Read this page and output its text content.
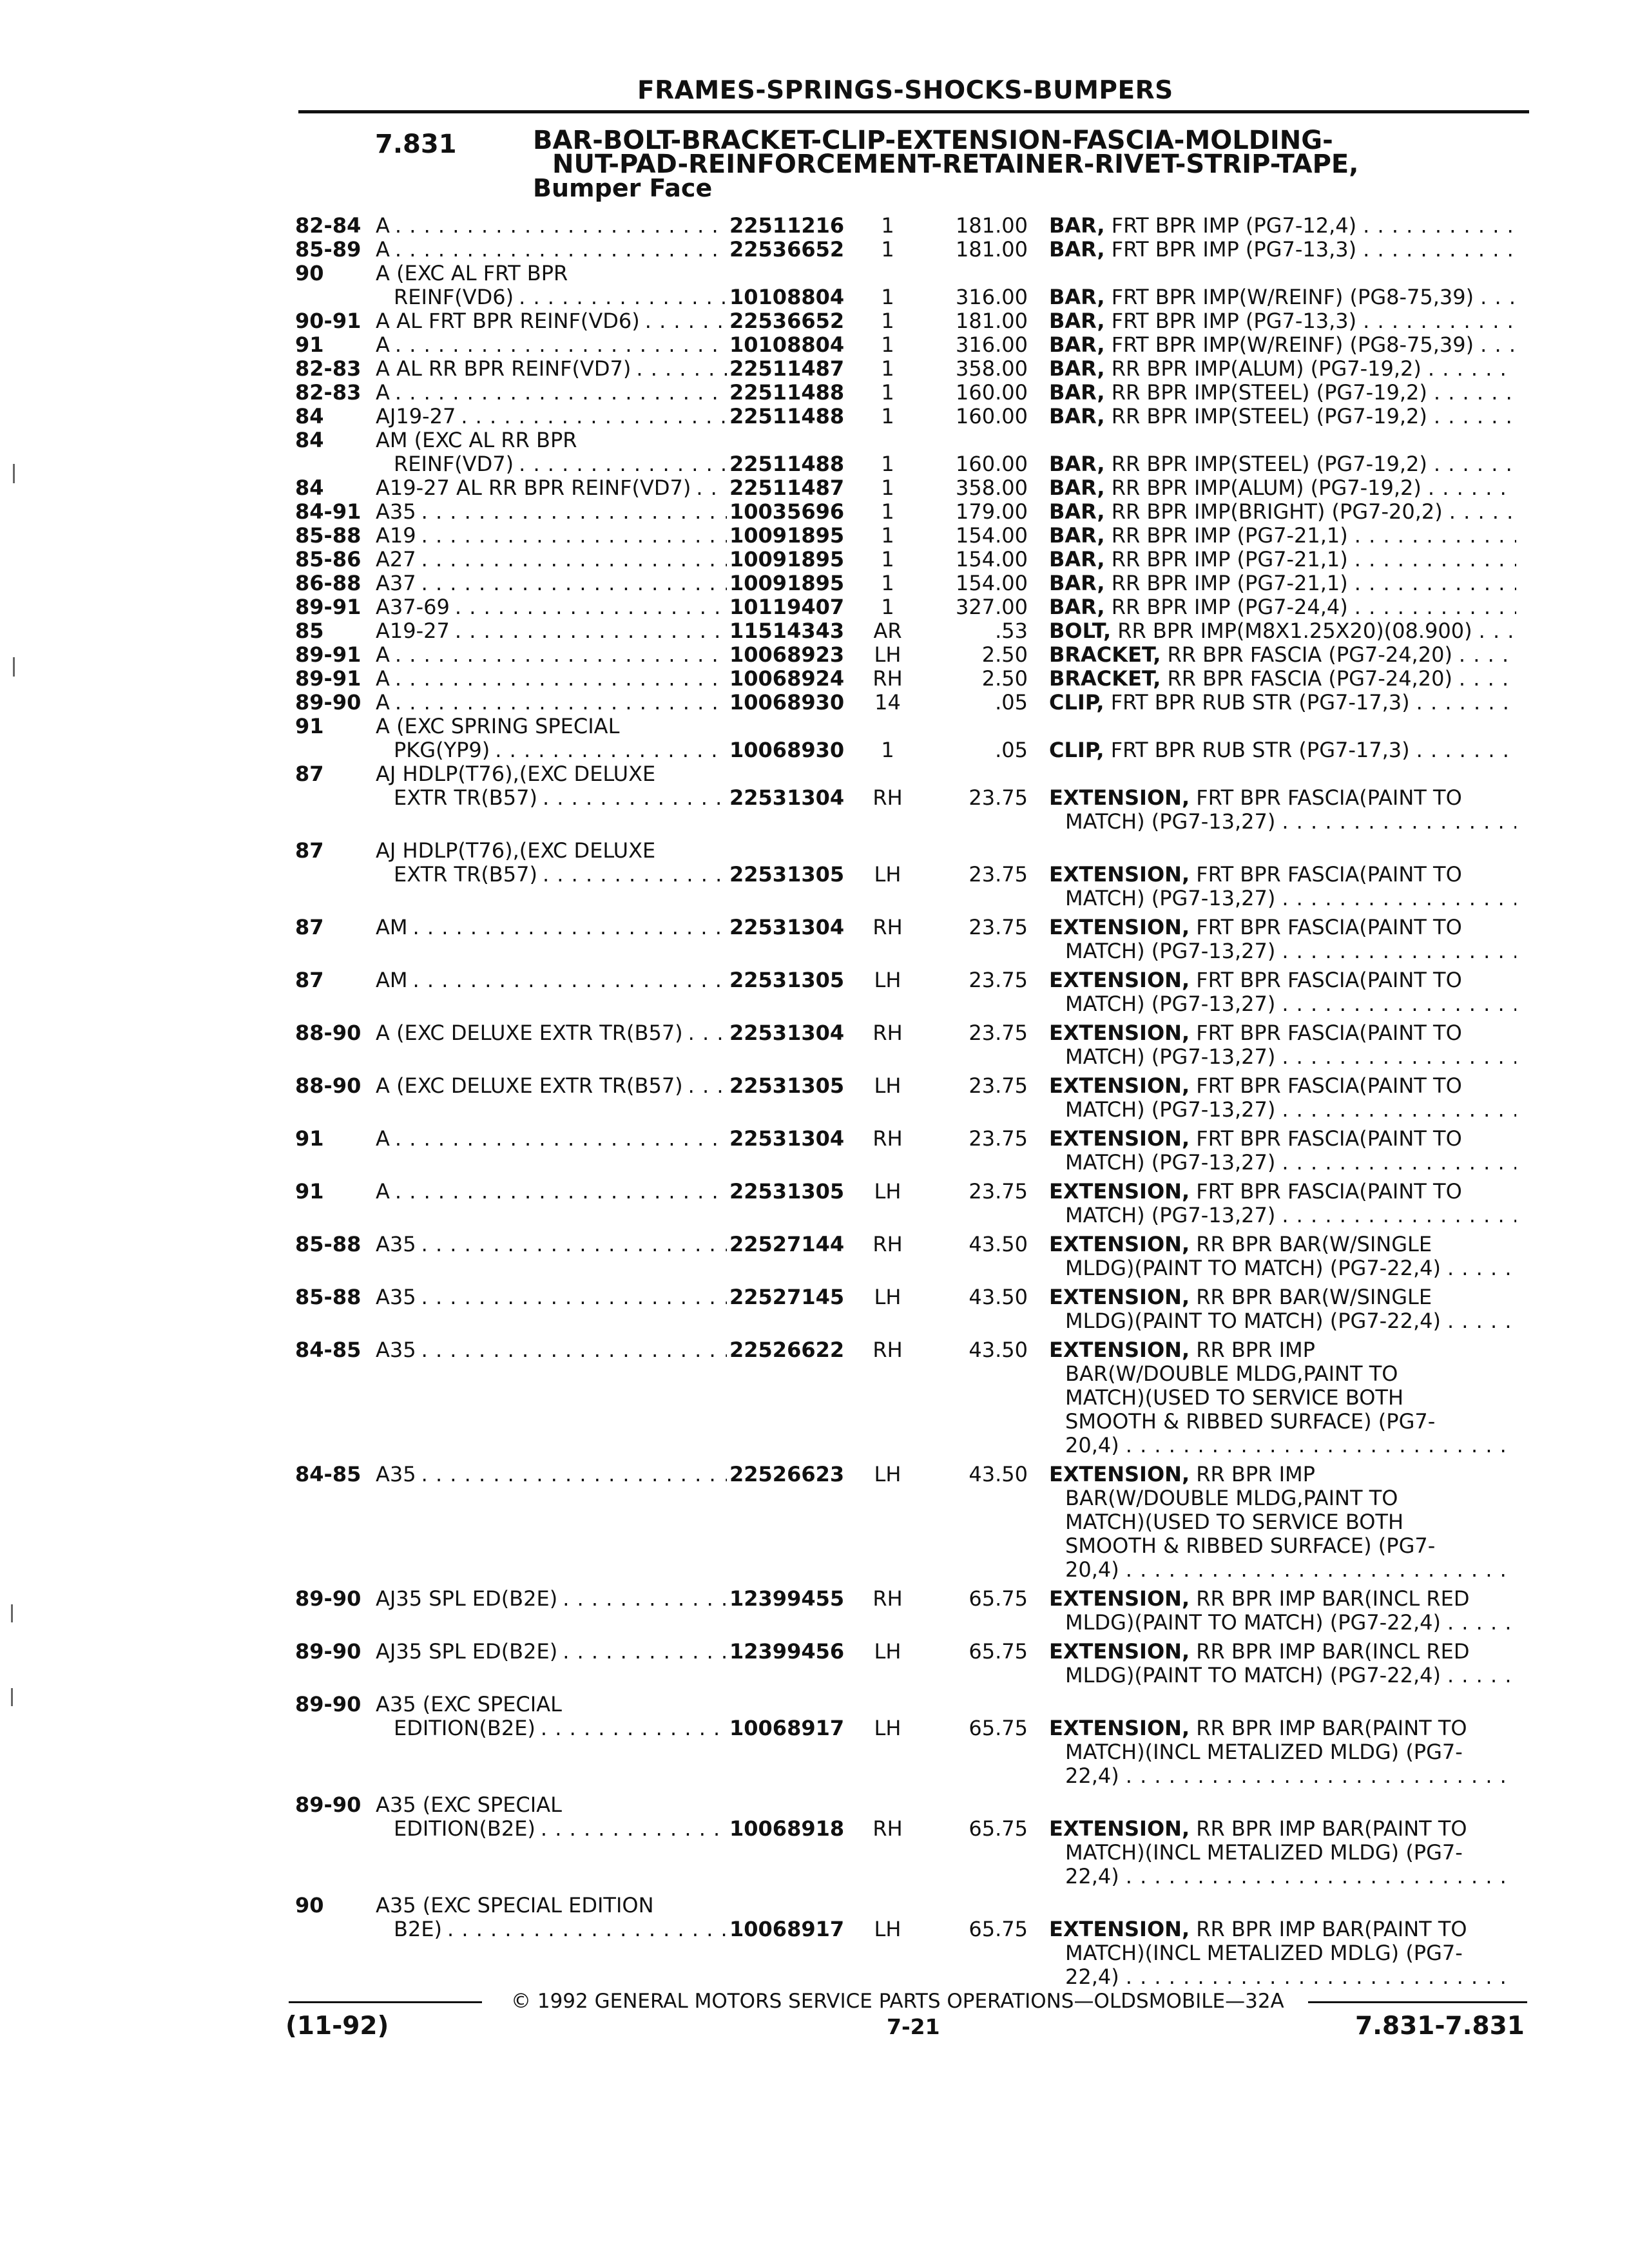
FRAMES-SPRINGS-SHOCKS-BUMPERS
7.831	BAR-BOLT-BRACKET-CLIP-EXTENSION-FASCIA-MOLDING-
NUT-PAD-REINFORCEMENT-RETAINER-RIVET-STRIP-TAPE,
Bumper Face
82-84 A . . .	22511216	1	181.00 BAR,
FRT BPR IMP (PG7-12,4)
. . .
85-89 A . . .	22536652	1	181.00 BAR,
FRT BPR IMP (PG7-13,3)
. . .
90	A (EXC AL FRT BPR
REINF(VD6) . . .	10108804	1	316.00 BAR,
FRT BPR IMP(W/REINF) (PG8-75,39)
. . .
90-91 A AL FRT BPR REINF(VD6) . . .	22536652	1	181.00 BAR,
FRT BPR IMP (PG7-13,3)
. . .
91	A . . .	10108804	1	316.00 BAR,
FRT BPR IMP(W/REINF) (PG8-75,39)
. . .
82-83 A AL RR BPR REINF(VD7) . . .	22511487	1	358.00 BAR,
RR BPR IMP(ALUM) (PG7-19,2)
. . .
82-83 A . . .	22511488	1	160.00 BAR,
RR BPR IMP(STEEL) (PG7-19,2)
. . .
84	AJ19-27 . . .	22511488	1	160.00 BAR,
RR BPR IMP(STEEL) (PG7-19,2)
. . .
84	AM (EXC AL RR BPR
REINF(VD7) . . .	22511488	1	160.00 BAR,
RR BPR IMP(STEEL) (PG7-19,2)
. . .
84	A19-27 AL RR BPR REINF(VD7) . . . 22511487	1	358.00 BAR,
RR BPR IMP(ALUM) (PG7-19,2)
. . .
84-91 A35 . . .	10035696	1	179.00 BAR,
RR BPR IMP(BRIGHT) (PG7-20,2)
. . .
85-88 A19 . . .	10091895	1	154.00 BAR,
RR BPR IMP (PG7-21,1)
. . .
85-86 A27 . . .	10091895	1	154.00 BAR,
RR BPR IMP (PG7-21,1)
. . .
86-88 A37 . . .	10091895	1	154.00 BAR,
RR BPR IMP (PG7-21,1)
. . .
89-91 A37-69 . . .	10119407	1	327.00 BAR,
RR BPR IMP (PG7-24,4)
. . .
85	A19-27 . . .	11514343	AR	.53 BOLT,
RR BPR IMP(M8X1.25X20)(08.900)
. . .
89-91 A . . .	10068923	LH	2.50 BRACKET,
RR BPR FASCIA (PG7-24,20)
. . .
89-91 A . . .	10068924	RH	2.50 BRACKET,
RR BPR FASCIA (PG7-24,20)
. . .
89-90 A . . .	10068930	14	.05 CLIP,
FRT BPR RUB STR (PG7-17,3)
. . .
91	A (EXC SPRING SPECIAL
PKG(YP9) . . .	10068930	1	.05 CLIP,
FRT BPR RUB STR (PG7-17,3)
. . .
87	AJ HDLP(T76),(EXC DELUXE
EXTR TR(B57) . . .	22531304	RH	23.75 EXTENSION,
FRT BPR FASCIA(PAINT TO
MATCH) (PG7-13,27)
. . .
87	AJ HDLP(T76),(EXC DELUXE
EXTR TR(B57) . . .	22531305	LH	23.75 EXTENSION,
FRT BPR FASCIA(PAINT TO
MATCH) (PG7-13,27)
. . .
87	AM . . .	22531304	RH	23.75 EXTENSION,
FRT BPR FASCIA(PAINT TO
MATCH) (PG7-13,27)
. . .
87	AM . . .	22531305	LH	23.75 EXTENSION,
FRT BPR FASCIA(PAINT TO
MATCH) (PG7-13,27)
. . .
88-90 A (EXC DELUXE EXTR TR(B57) . . . 22531304	RH	23.75 EXTENSION,
FRT BPR FASCIA(PAINT TO
MATCH) (PG7-13,27)
. . .
88-90 A (EXC DELUXE EXTR TR(B57) . . . 22531305	LH	23.75 EXTENSION,
FRT BPR FASCIA(PAINT TO
MATCH) (PG7-13,27)
. . .
91	A . . .	22531304	RH	23.75 EXTENSION,
FRT BPR FASCIA(PAINT TO
MATCH) (PG7-13,27)
. . .
91	A . . .	22531305	LH	23.75 EXTENSION,
FRT BPR FASCIA(PAINT TO
MATCH) (PG7-13,27)
. . .
85-88 A35 . . .	22527144	RH	43.50 EXTENSION,
RR BPR BAR(W/SINGLE
MLDG)(PAINT TO MATCH) (PG7-22,4)
. . .
85-88 A35 . . .	22527145	LH	43.50 EXTENSION,
RR BPR BAR(W/SINGLE
MLDG)(PAINT TO MATCH) (PG7-22,4)
. . .
84-85 A35 . . .	22526622	RH	43.50 EXTENSION,
RR BPR IMP
BAR(W/DOUBLE MLDG,PAINT TO
MATCH)(USED TO SERVICE BOTH
SMOOTH & RIBBED SURFACE) (PG7-
20,4)
. . .
84-85 A35 . . .	22526623	LH	43.50 EXTENSION,
RR BPR IMP
BAR(W/DOUBLE MLDG,PAINT TO
MATCH)(USED TO SERVICE BOTH
SMOOTH & RIBBED SURFACE) (PG7-
20,4)
. . .
89-90 AJ35 SPL ED(B2E) . . .	12399455	RH	65.75 EXTENSION,
RR BPR IMP BAR(INCL RED
MLDG)(PAINT TO MATCH) (PG7-22,4)
. . .
89-90 AJ35 SPL ED(B2E) . . .	12399456	LH	65.75 EXTENSION,
RR BPR IMP BAR(INCL RED
MLDG)(PAINT TO MATCH) (PG7-22,4)
. . .
89-90 A35 (EXC SPECIAL
EDITION(B2E) . . .	10068917	LH	65.75 EXTENSION,
RR BPR IMP BAR(PAINT TO
MATCH)(INCL METALIZED MLDG) (PG7-
22,4)
. . .
89-90 A35 (EXC SPECIAL
EDITION(B2E) . . .	10068918	RH	65.75 EXTENSION,
RR BPR IMP BAR(PAINT TO
MATCH)(INCL METALIZED MLDG) (PG7-
22,4)
. . .
90	A35 (EXC SPECIAL EDITION
B2E) . . .	10068917	LH	65.75 EXTENSION,
RR BPR IMP BAR(PAINT TO
MATCH)(INCL METALIZED MDLG) (PG7-
22,4)
. . .
© 1992 GENERAL MOTORS SERVICE PARTS OPERATIONS—OLDSMOBILE—32A
(11-92)	7-21	7.831-7.831
